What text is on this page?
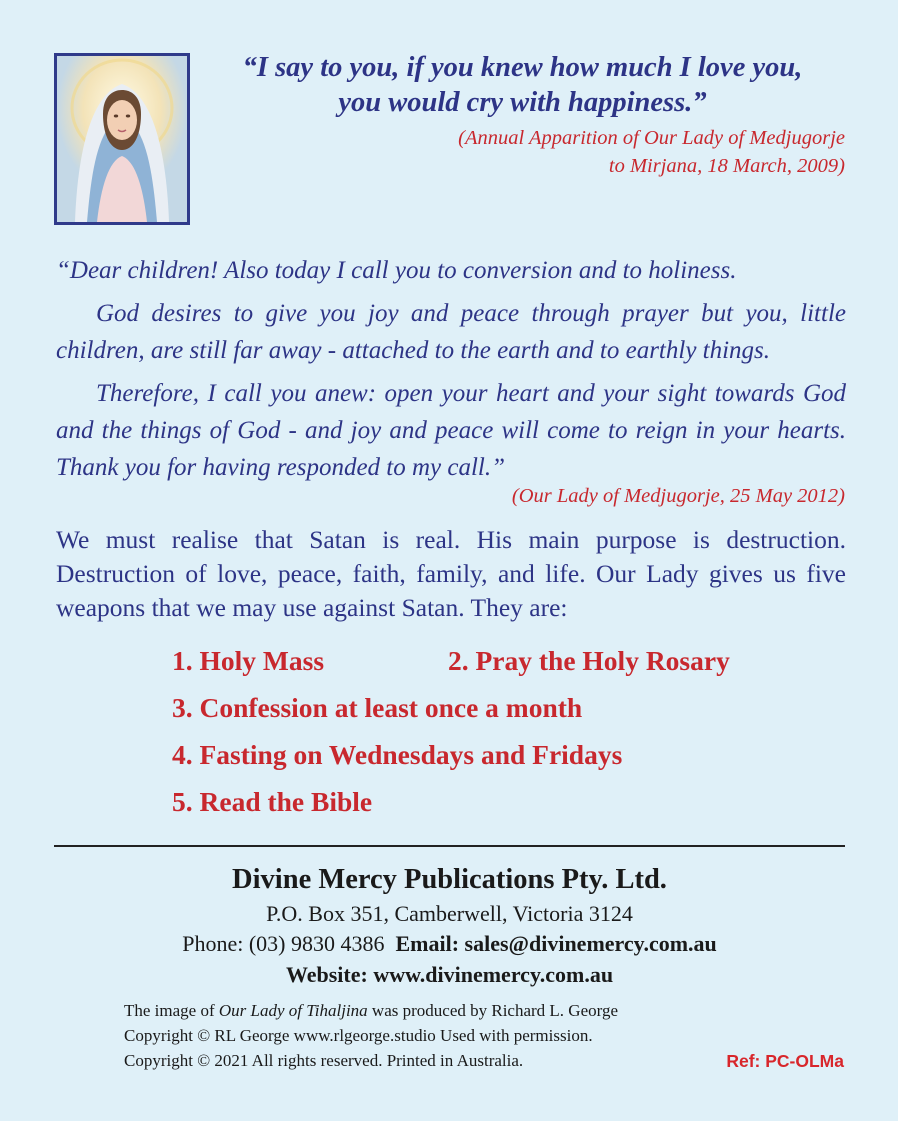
“I say to you, if you knew how much I love you,
you would cry with happiness.”
(Annual Apparition of Our Lady of Medjugorje
to Mirjana, 18 March, 2009)

“Dear children! Also today I call you to conversion and to holiness.

God desires to give you joy and peace through prayer but you, little children, are still far away - attached to the earth and to earthly things.

Therefore, I call you anew: open your heart and your sight towards God and the things of God - and joy and peace will come to reign in your hearts. Thank you for having responded to my call.”

(Our Lady of Medjugorje, 25 May 2012)

We must realise that Satan is real. His main purpose is destruction. Destruction of love, peace, faith, family, and life. Our Lady gives us five weapons that we may use against Satan. They are:

1. Holy Mass	2. Pray the Holy Rosary
3. Confession at least once a month
4. Fasting on Wednesdays and Fridays
5. Read the Bible
Divine Mercy Publications Pty. Ltd.
P.O. Box 351, Camberwell, Victoria 3124
Phone: (03) 9830 4386 Email: sales@divinemercy.com.au
Website: www.divinemercy.com.au
The image of Our Lady of Tihaljina was produced by Richard L. George
Copyright © RL George www.rlgeorge.studio Used with permission.
Copyright © 2021 All rights reserved. Printed in Australia.	Ref: PC-OLMa
